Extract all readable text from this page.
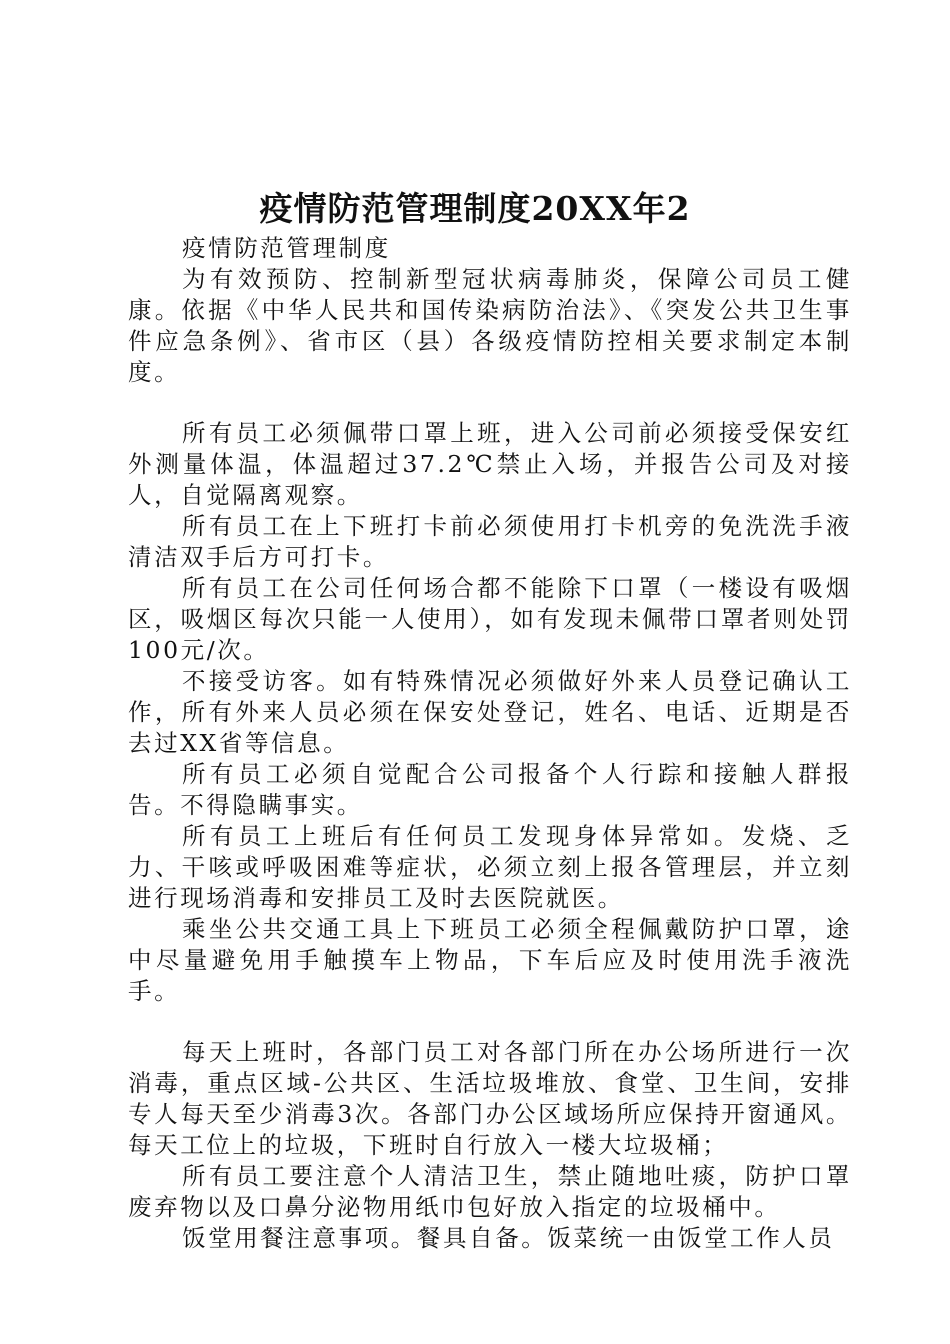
疫情防范管理制度20XX年2

疫情防范管理制度

为有效预防、控制新型冠状病毒肺炎，保障公司员工健康。依据《中华人民共和国传染病防治法》、《突发公共卫生事件应急条例》、省市区（县）各级疫情防控相关要求制定本制度。

所有员工必须佩带口罩上班，进入公司前必须接受保安红外测量体温，体温超过37.2℃禁止入场，并报告公司及对接人，自觉隔离观察。

所有员工在上下班打卡前必须使用打卡机旁的免洗洗手液清洁双手后方可打卡。

所有员工在公司任何场合都不能除下口罩（一楼设有吸烟区，吸烟区每次只能一人使用），如有发现未佩带口罩者则处罚100元/次。

不接受访客。如有特殊情况必须做好外来人员登记确认工作，所有外来人员必须在保安处登记，姓名、电话、近期是否去过XX省等信息。

所有员工必须自觉配合公司报备个人行踪和接触人群报告。不得隐瞒事实。

所有员工上班后有任何员工发现身体异常如。发烧、乏力、干咳或呼吸困难等症状，必须立刻上报各管理层，并立刻进行现场消毒和安排员工及时去医院就医。

乘坐公共交通工具上下班员工必须全程佩戴防护口罩，途中尽量避免用手触摸车上物品，下车后应及时使用洗手液洗手。

每天上班时，各部门员工对各部门所在办公场所进行一次消毒，重点区域-公共区、生活垃圾堆放、食堂、卫生间，安排专人每天至少消毒3次。各部门办公区域场所应保持开窗通风。每天工位上的垃圾，下班时自行放入一楼大垃圾桶；

所有员工要注意个人清洁卫生，禁止随地吐痰，防护口罩废弃物以及口鼻分泌物用纸巾包好放入指定的垃圾桶中。

饭堂用餐注意事项。餐具自备。饭菜统一由饭堂工作人员
